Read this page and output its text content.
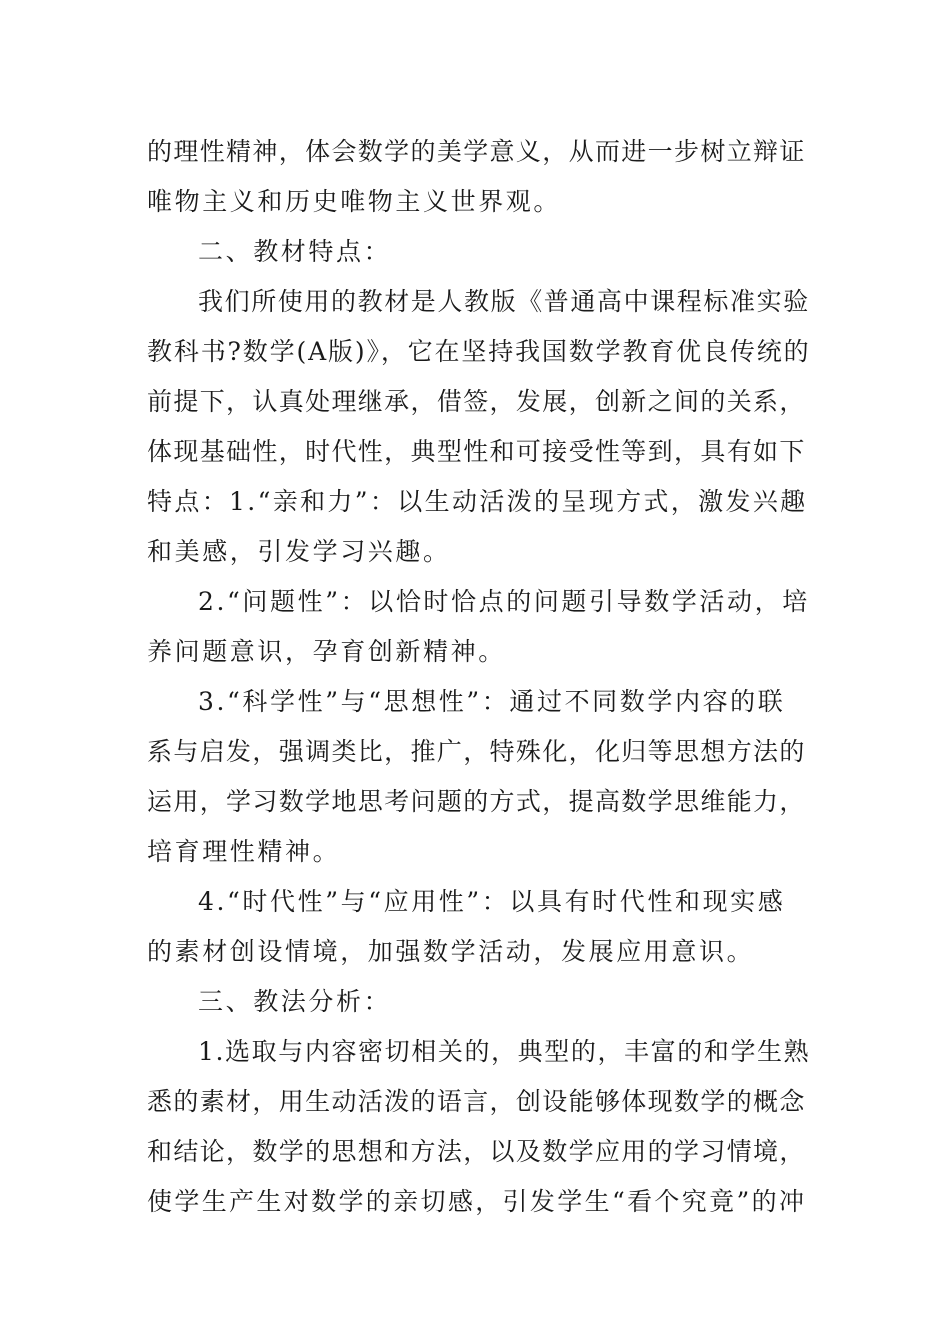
的理性精神，体会数学的美学意义，从而进一步树立辩证
唯物主义和历史唯物主义世界观。
二、教材特点：
我们所使用的教材是人教版《普通高中课程标准实验
教科书?数学(A版)》，它在坚持我国数学教育优良传统的
前提下，认真处理继承，借签，发展，创新之间的关系，
体现基础性，时代性，典型性和可接受性等到，具有如下
特点：1.“亲和力”：以生动活泼的呈现方式，激发兴趣
和美感，引发学习兴趣。
2.“问题性”：以恰时恰点的问题引导数学活动，培
养问题意识，孕育创新精神。
3.“科学性”与“思想性”：通过不同数学内容的联
系与启发，强调类比，推广，特殊化，化归等思想方法的
运用，学习数学地思考问题的方式，提高数学思维能力，
培育理性精神。
4.“时代性”与“应用性”：以具有时代性和现实感
的素材创设情境，加强数学活动，发展应用意识。
三、教法分析：
1.选取与内容密切相关的，典型的，丰富的和学生熟
悉的素材，用生动活泼的语言，创设能够体现数学的概念
和结论，数学的思想和方法，以及数学应用的学习情境，
使学生产生对数学的亲切感，引发学生“看个究竟”的冲
